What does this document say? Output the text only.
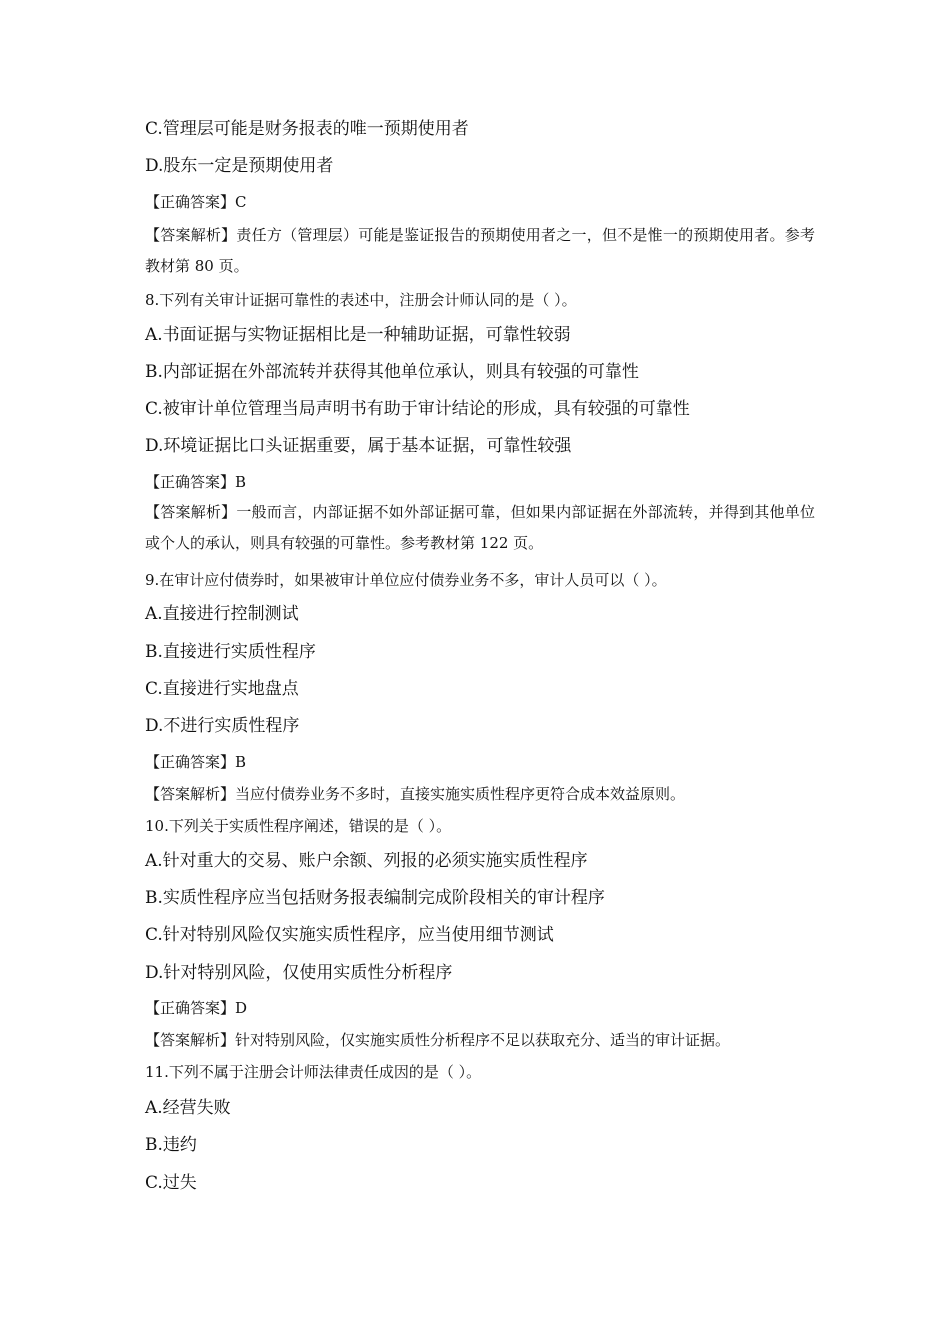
C.管理层可能是财务报表的唯一预期使用者
D.股东一定是预期使用者
【正确答案】C
【答案解析】责任方（管理层）可能是鉴证报告的预期使用者之一，但不是惟一的预期使用者。参考教材第 80 页。
8.下列有关审计证据可靠性的表述中，注册会计师认同的是（ ）。
A.书面证据与实物证据相比是一种辅助证据，可靠性较弱
B.内部证据在外部流转并获得其他单位承认，则具有较强的可靠性
C.被审计单位管理当局声明书有助于审计结论的形成，具有较强的可靠性
D.环境证据比口头证据重要，属于基本证据，可靠性较强
【正确答案】B
【答案解析】一般而言，内部证据不如外部证据可靠，但如果内部证据在外部流转，并得到其他单位或个人的承认，则具有较强的可靠性。参考教材第 122 页。
9.在审计应付债券时，如果被审计单位应付债券业务不多，审计人员可以（ ）。
A.直接进行控制测试
B.直接进行实质性程序
C.直接进行实地盘点
D.不进行实质性程序
【正确答案】B
【答案解析】当应付债券业务不多时，直接实施实质性程序更符合成本效益原则。
10.下列关于实质性程序阐述，错误的是（ ）。
A.针对重大的交易、账户余额、列报的必须实施实质性程序
B.实质性程序应当包括财务报表编制完成阶段相关的审计程序
C.针对特别风险仅实施实质性程序，应当使用细节测试
D.针对特别风险，仅使用实质性分析程序
【正确答案】D
【答案解析】针对特别风险，仅实施实质性分析程序不足以获取充分、适当的审计证据。
11.下列不属于注册会计师法律责任成因的是（ ）。
A.经营失败
B.违约
C.过失
